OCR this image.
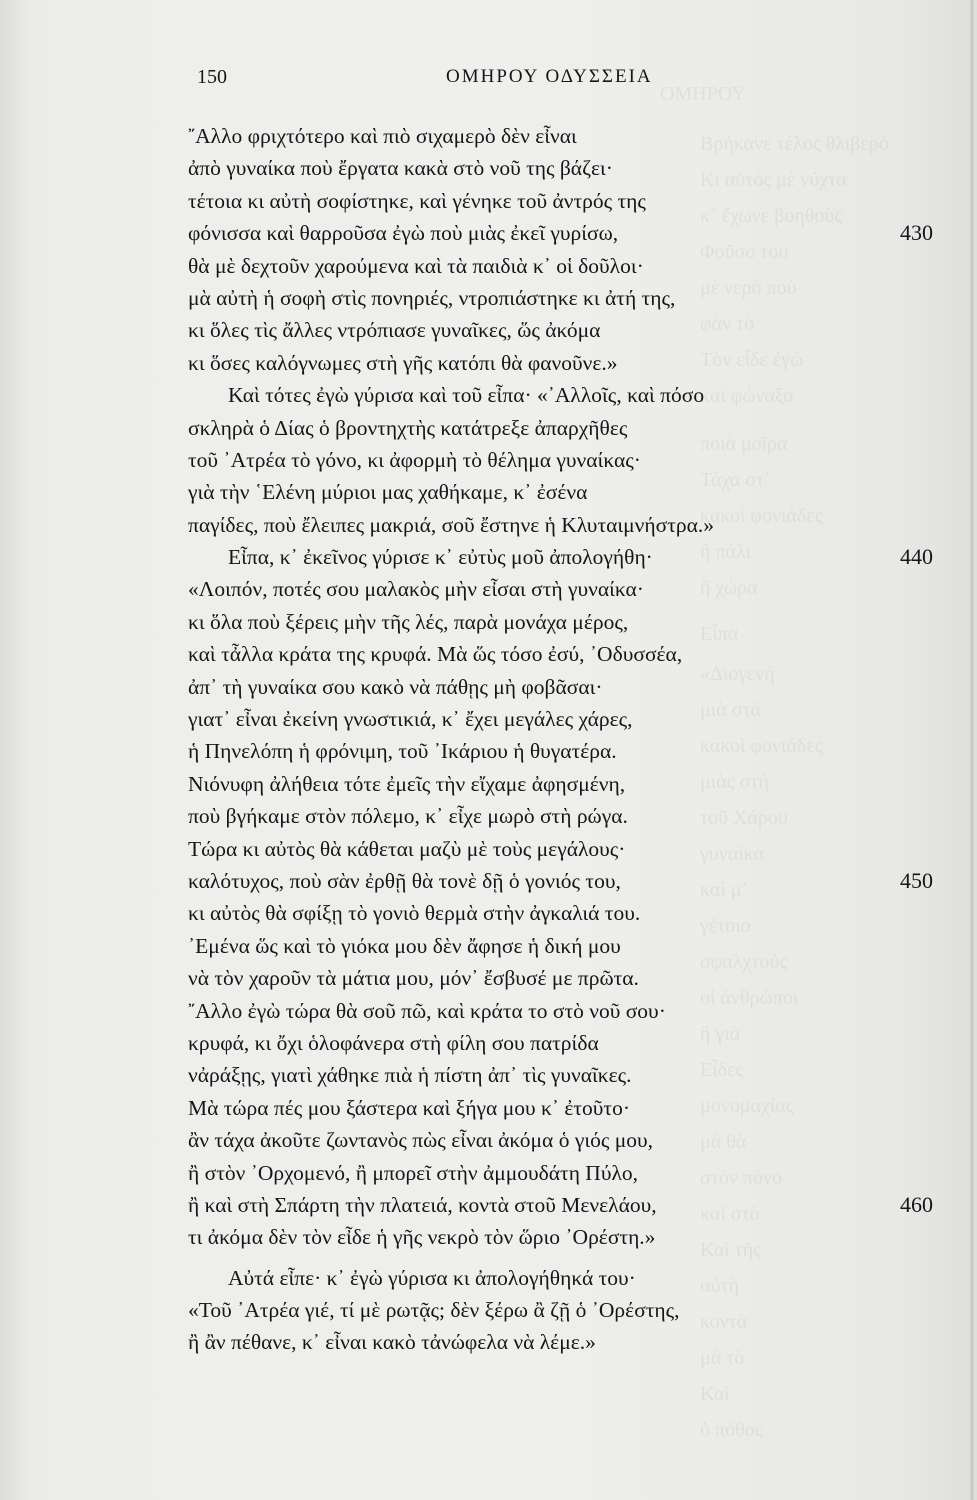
Βρήκανε τέλος θλιβερό
Κι αὐτὸς μὲ νύχτα
κ᾽ ἔχωνε βοηθοὺς
Φοῦσο του
μὲ νερὸ ποὺ
φὰν τὸ
Τὸν εἶδε ἐγώ
καὶ φώναξα
ποιὰ μοῖρα
Τάχα στ᾽
κακοὶ φονιάδες
ἢ πάλι
ἢ χώρα
Εἶπα
«Διογενή
μιὰ στὰ
κακοὶ φονιάδες
μιὰς στὴ
τοῦ Χάρου
γυναίκα
καὶ μ᾽
γέτοιο
σφαλχτούς
οἱ ἀνθρώποι
ἢ γιὰ
Εἶδες
μονομαχίας
μὰ θὰ
στὸν πόνο
καὶ στὸ
Καὶ τῆς
αὐτὴ
κοντὰ
μὰ τὸ
Καὶ
ὁ πόθος
ΟΜΗΡΟΥ
150	ΟΜΗΡΟΥ ΟΔΥΣΣΕΙΑ
῎Αλλο φριχτότερο καὶ πιὸ σιχαμερὸ δὲν εἶναι
ἀπὸ γυναίκα ποὺ ἔργατα κακὰ στὸ νοῦ της βάζει·
τέτοια κι αὐτὴ σοφίστηκε, καὶ γένηκε τοῦ ἀντρός της
φόνισσα καὶ θαρροῦσα ἐγὼ ποὺ μιὰς ἐκεῖ γυρίσω,	430
θὰ μὲ δεχτοῦν χαρούμενα καὶ τὰ παιδιὰ κ᾽ οἱ δοῦλοι·
μὰ αὐτὴ ἡ σοφὴ στὶς πονηριές, ντροπιάστηκε κι ἀτή της,
κι ὅλες τὶς ἄλλες ντρόπιασε γυναῖκες, ὥς ἀκόμα
κι ὅσες καλόγνωμες στὴ γῆς κατόπι θὰ φανοῦνε.»
Καὶ τότες ἐγὼ γύρισα καὶ τοῦ εἶπα· «᾿Αλλοῖς, καὶ πόσο
σκληρὰ ὁ Δίας ὁ βροντηχτὴς κατάτρεξε ἀπαρχῆθες
τοῦ ᾿Ατρέα τὸ γόνο, κι ἀφορμὴ τὸ θέλημα γυναίκας·
γιὰ τὴν ῾Ελένη μύριοι μας χαθήκαμε, κ᾽ ἐσένα
παγίδες, ποὺ ἔλειπες μακριά, σοῦ ἔστηνε ἡ Κλυταιμνήστρα.»
Εἶπα, κ᾽ ἐκεῖνος γύρισε κ᾽ εὐτὺς μοῦ ἀπολογήθη·	440
«Λοιπόν, ποτές σου μαλακὸς μὴν εἶσαι στὴ γυναίκα·
κι ὅλα ποὺ ξέρεις μὴν τῆς λές, παρὰ μονάχα μέρος,
καὶ τἆλλα κράτα της κρυφά. Μὰ ὥς τόσο ἐσύ, ᾿Οδυσσέα,
ἀπ᾽ τὴ γυναίκα σου κακὸ νὰ πάθῃς μὴ φοβᾶσαι·
γιατ᾽ εἶναι ἐκείνη γνωστικιά, κ᾽ ἔχει μεγάλες χάρες,
ἡ Πηνελόπη ἡ φρόνιμη, τοῦ ᾿Ικάριου ἡ θυγατέρα.
Νιόνυφη ἀλήθεια τότε ἐμεῖς τὴν εἴχαμε ἀφησμένη,
ποὺ βγήκαμε στὸν πόλεμο, κ᾽ εἶχε μωρὸ στὴ ρώγα.
Τώρα κι αὐτὸς θὰ κάθεται μαζὺ μὲ τοὺς μεγάλους·
καλότυχος, ποὺ σὰν ἐρθῇ θὰ τονὲ δῇ ὁ γονιός του,	450
κι αὐτὸς θὰ σφίξῃ τὸ γονιὸ θερμὰ στὴν ἀγκαλιά του.
᾿Εμένα ὥς καὶ τὸ γιόκα μου δὲν ἄφησε ἡ δική μου
νὰ τὸν χαροῦν τὰ μάτια μου, μόν᾽ ἔσβυσέ με πρῶτα.
῎Αλλο ἐγὼ τώρα θὰ σοῦ πῶ, καὶ κράτα το στὸ νοῦ σου·
κρυφά, κι ὄχι ὁλοφάνερα στὴ φίλη σου πατρίδα
νἀράξῃς, γιατὶ χάθηκε πιὰ ἡ πίστη ἀπ᾽ τὶς γυναῖκες.
Μὰ τώρα πές μου ξάστερα καὶ ξήγα μου κ᾽ ἐτοῦτο·
ἂν τάχα ἀκοῦτε ζωντανὸς πὼς εἶναι ἀκόμα ὁ γιός μου,
ἢ στὸν ᾿Ορχομενό, ἢ μπορεῖ στὴν ἀμμουδάτη Πύλο,
ἢ καὶ στὴ Σπάρτη τὴν πλατειά, κοντὰ στοῦ Μενελάου,	460
τι ἀκόμα δὲν τὸν εἶδε ἡ γῆς νεκρὸ τὸν ὥριο ᾿Ορέστη.»
Αὐτά εἶπε· κ᾽ ἐγὼ γύρισα κι ἀπολογήθηκά του·
«Τοῦ ᾿Ατρέα γιέ, τί μὲ ρωτᾷς; δὲν ξέρω ἂ ζῇ ὁ ᾿Ορέστης,
ἢ ἂν πέθανε, κ᾽ εἶναι κακὸ τἀνώφελα νὰ λέμε.»
